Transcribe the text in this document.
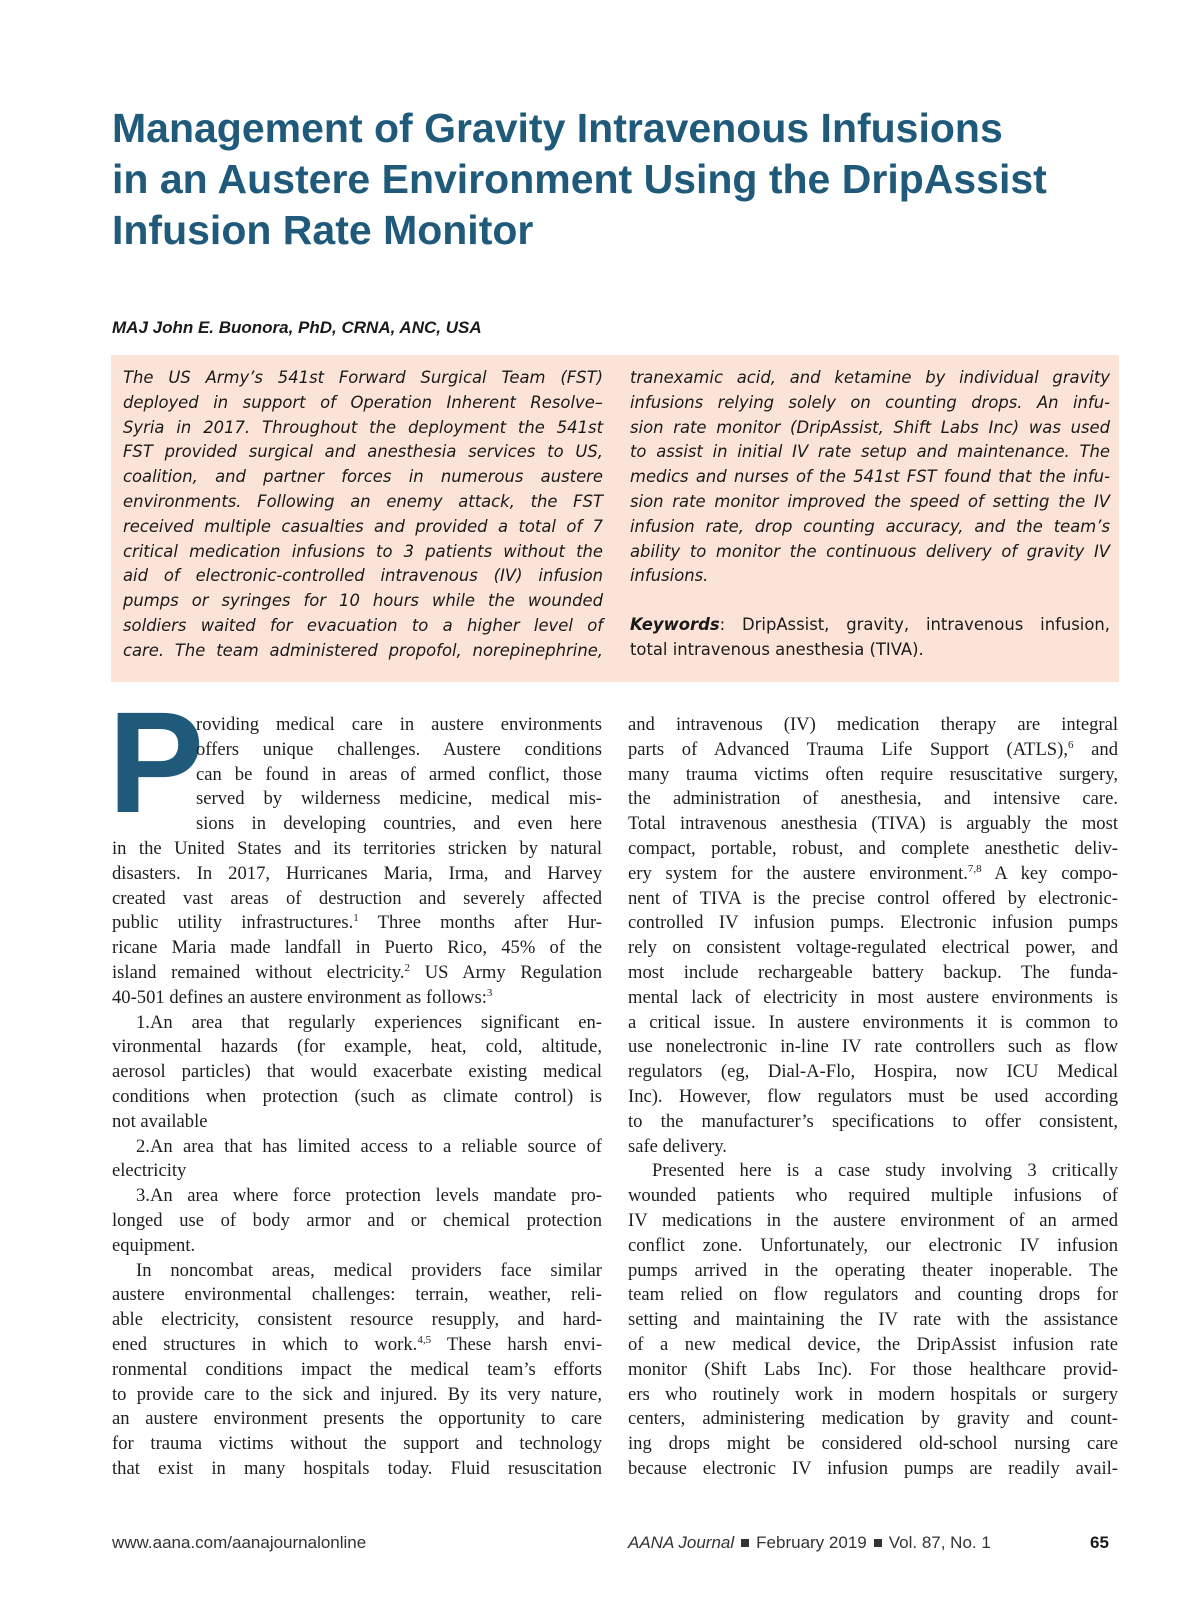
Management of Gravity Intravenous Infusions
in an Austere Environment Using the DripAssist
Infusion Rate Monitor
MAJ John E. Buonora, PhD, CRNA, ANC, USA
The US Army’s 541st Forward Surgical Team (FST)
deployed in support of Operation Inherent Resolve–
Syria in 2017. Throughout the deployment the 541st
FST provided surgical and anesthesia services to US,
coalition, and partner forces in numerous austere
environments. Following an enemy attack, the FST
received multiple casualties and provided a total of 7
critical medication infusions to 3 patients without the
aid of electronic-controlled intravenous (IV) infusion
pumps or syringes for 10 hours while the wounded
soldiers waited for evacuation to a higher level of
care. The team administered propofol, norepinephrine,
tranexamic acid, and ketamine by individual gravity
infusions relying solely on counting drops. An infu-
sion rate monitor (DripAssist, Shift Labs Inc) was used
to assist in initial IV rate setup and maintenance. The
medics and nurses of the 541st FST found that the infu-
sion rate monitor improved the speed of setting the IV
infusion rate, drop counting accuracy, and the team’s
ability to monitor the continuous delivery of gravity IV
infusions.
Keywords: DripAssist, gravity, intravenous infusion,
total intravenous anesthesia (TIVA).
P
roviding medical care in austere environments
offers unique challenges. Austere conditions
can be found in areas of armed conflict, those
served by wilderness medicine, medical mis-
sions in developing countries, and even here
in the United States and its territories stricken by natural
disasters. In 2017, Hurricanes Maria, Irma, and Harvey
created vast areas of destruction and severely affected
public utility infrastructures.$^1$ Three months after Hur-
ricane Maria made landfall in Puerto Rico, 45% of the
island remained without electricity.$^2$ US Army Regulation
40-501 defines an austere environment as follows:$^3$
1.An area that regularly experiences significant en-
vironmental hazards (for example, heat, cold, altitude,
aerosol particles) that would exacerbate existing medical
conditions when protection (such as climate control) is
not available
2.An area that has limited access to a reliable source of
electricity
3.An area where force protection levels mandate pro-
longed use of body armor and or chemical protection
equipment.
In noncombat areas, medical providers face similar
austere environmental challenges: terrain, weather, reli-
able electricity, consistent resource resupply, and hard-
ened structures in which to work.$^{4,5}$ These harsh envi-
ronmental conditions impact the medical team’s efforts
to provide care to the sick and injured. By its very nature,
an austere environment presents the opportunity to care
for trauma victims without the support and technology
that exist in many hospitals today. Fluid resuscitation
and intravenous (IV) medication therapy are integral
parts of Advanced Trauma Life Support (ATLS),$^6$ and
many trauma victims often require resuscitative surgery,
the administration of anesthesia, and intensive care.
Total intravenous anesthesia (TIVA) is arguably the most
compact, portable, robust, and complete anesthetic deliv-
ery system for the austere environment.$^{7,8}$ A key compo-
nent of TIVA is the precise control offered by electronic-
controlled IV infusion pumps. Electronic infusion pumps
rely on consistent voltage-regulated electrical power, and
most include rechargeable battery backup. The funda-
mental lack of electricity in most austere environments is
a critical issue. In austere environments it is common to
use nonelectronic in-line IV rate controllers such as flow
regulators (eg, Dial-A-Flo, Hospira, now ICU Medical
Inc). However, flow regulators must be used according
to the manufacturer’s specifications to offer consistent,
safe delivery.
Presented here is a case study involving 3 critically
wounded patients who required multiple infusions of
IV medications in the austere environment of an armed
conflict zone. Unfortunately, our electronic IV infusion
pumps arrived in the operating theater inoperable. The
team relied on flow regulators and counting drops for
setting and maintaining the IV rate with the assistance
of a new medical device, the DripAssist infusion rate
monitor (Shift Labs Inc). For those healthcare provid-
ers who routinely work in modern hospitals or surgery
centers, administering medication by gravity and count-
ing drops might be considered old-school nursing care
because electronic IV infusion pumps are readily avail-
www.aana.com/aanajournalonline	AANA Journal February 2019 Vol. 87, No. 1	65
